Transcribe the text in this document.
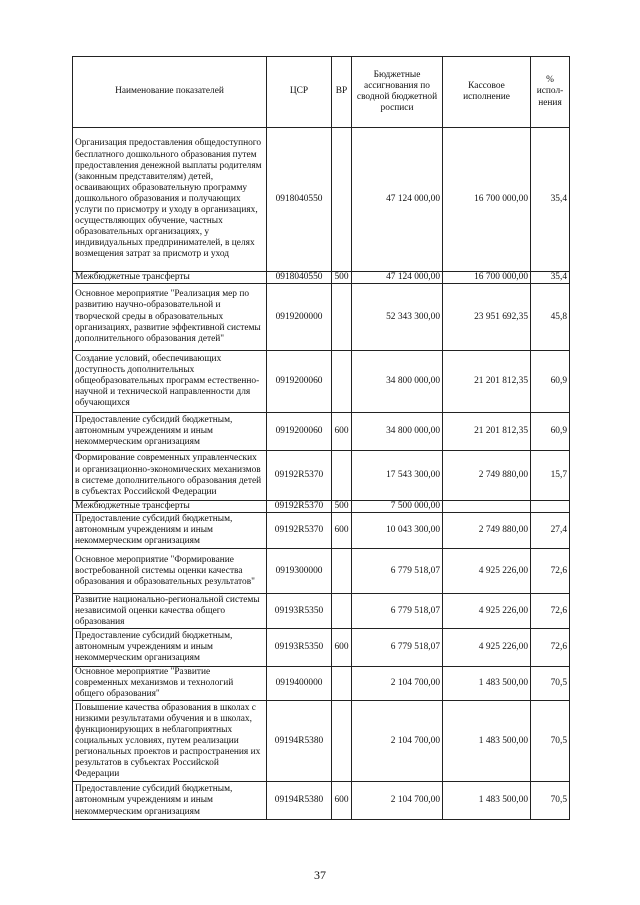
Наименование показателей	ЦСР	ВР	Бюджетные ассигнования по сводной бюджетной росписи	Кассовое исполнение	% испол-нения
Организация предоставления общедоступного бесплатного дошкольного образования путем предоставления денежной выплаты родителям (законным представителям) детей, осваивающих образовательную программу дошкольного образования и получающих услуги по присмотру и уходу в организациях, осуществляющих обучение, частных образовательных организациях, у индивидуальных предпринимателей, в целях возмещения затрат за присмотр и уход	0918040550		47 124 000,00	16 700 000,00	35,4
Межбюджетные трансферты	0918040550	500	47 124 000,00	16 700 000,00	35,4
Основное мероприятие "Реализация мер по развитию научно-образовательной и творческой среды в образовательных организациях, развитие эффективной системы дополнительного образования детей"	0919200000		52 343 300,00	23 951 692,35	45,8
Создание условий, обеспечивающих доступность дополнительных общеобразовательных программ естественно-научной и технической направленности для обучающихся	0919200060		34 800 000,00	21 201 812,35	60,9
Предоставление субсидий бюджетным, автономным учреждениям и иным некоммерческим организациям	0919200060	600	34 800 000,00	21 201 812,35	60,9
Формирование современных управленческих и организационно-экономических механизмов в системе дополнительного образования детей в субъектах Российской Федерации	09192R5370		17 543 300,00	2 749 880,00	15,7
Межбюджетные трансферты	09192R5370	500	7 500 000,00		
Предоставление субсидий бюджетным, автономным учреждениям и иным некоммерческим организациям	09192R5370	600	10 043 300,00	2 749 880,00	27,4
Основное мероприятие "Формирование востребованной системы оценки качества образования и образовательных результатов"	0919300000		6 779 518,07	4 925 226,00	72,6
Развитие национально-региональной системы независимой оценки качества общего образования	09193R5350		6 779 518,07	4 925 226,00	72,6
Предоставление субсидий бюджетным, автономным учреждениям и иным некоммерческим организациям	09193R5350	600	6 779 518,07	4 925 226,00	72,6
Основное мероприятие "Развитие современных механизмов и технологий общего образования"	0919400000		2 104 700,00	1 483 500,00	70,5
Повышение качества образования в школах с низкими результатами обучения и в школах, функционирующих в неблагоприятных социальных условиях, путем реализации региональных проектов и распространения их результатов в субъектах Российской Федерации	09194R5380		2 104 700,00	1 483 500,00	70,5
Предоставление субсидий бюджетным, автономным учреждениям и иным некоммерческим организациям	09194R5380	600	2 104 700,00	1 483 500,00	70,5
37
